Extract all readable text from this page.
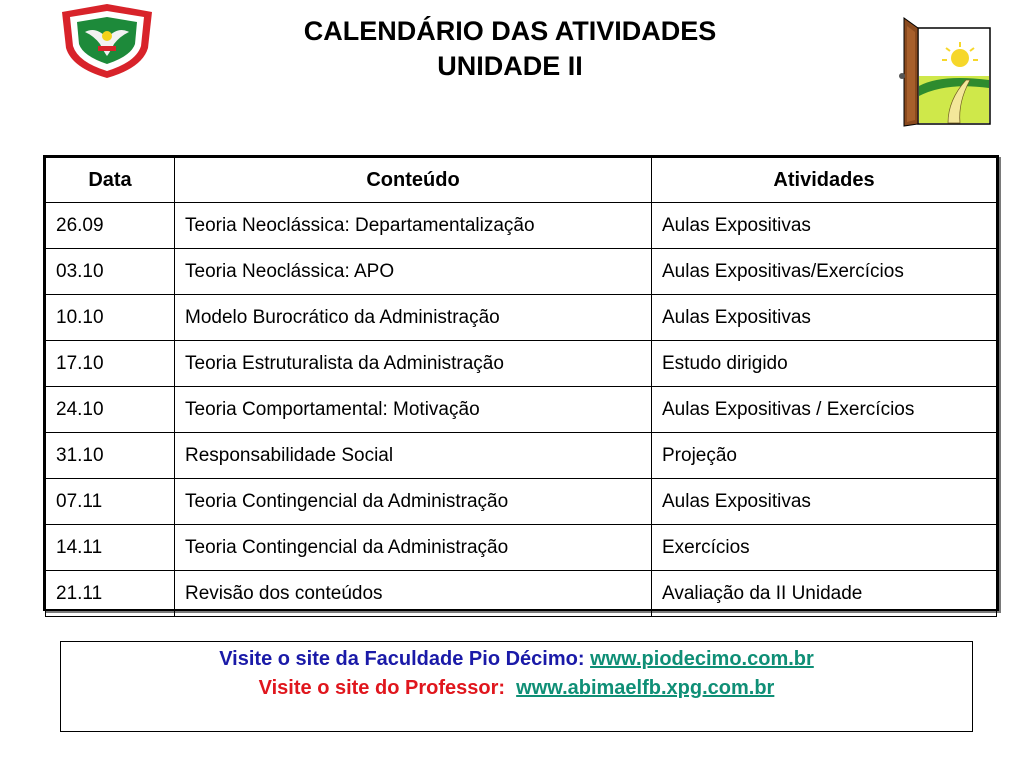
CALENDÁRIO DAS ATIVIDADES
UNIDADE II
Data	Conteúdo	Atividades
26.09	Teoria Neoclássica: Departamentalização	Aulas Expositivas
03.10	Teoria Neoclássica: APO	Aulas Expositivas/Exercícios
10.10	Modelo Burocrático da Administração	Aulas Expositivas
17.10	Teoria Estruturalista da Administração	Estudo dirigido
24.10	Teoria Comportamental: Motivação	Aulas Expositivas / Exercícios
31.10	Responsabilidade Social	Projeção
07.11	Teoria Contingencial da Administração	Aulas Expositivas
14.11	Teoria Contingencial da Administração	Exercícios
21.11	Revisão dos conteúdos	Avaliação da II Unidade
Visite o site da Faculdade Pio Décimo: www.piodecimo.com.br
Visite o site do Professor: www.abimaelfb.xpg.com.br
